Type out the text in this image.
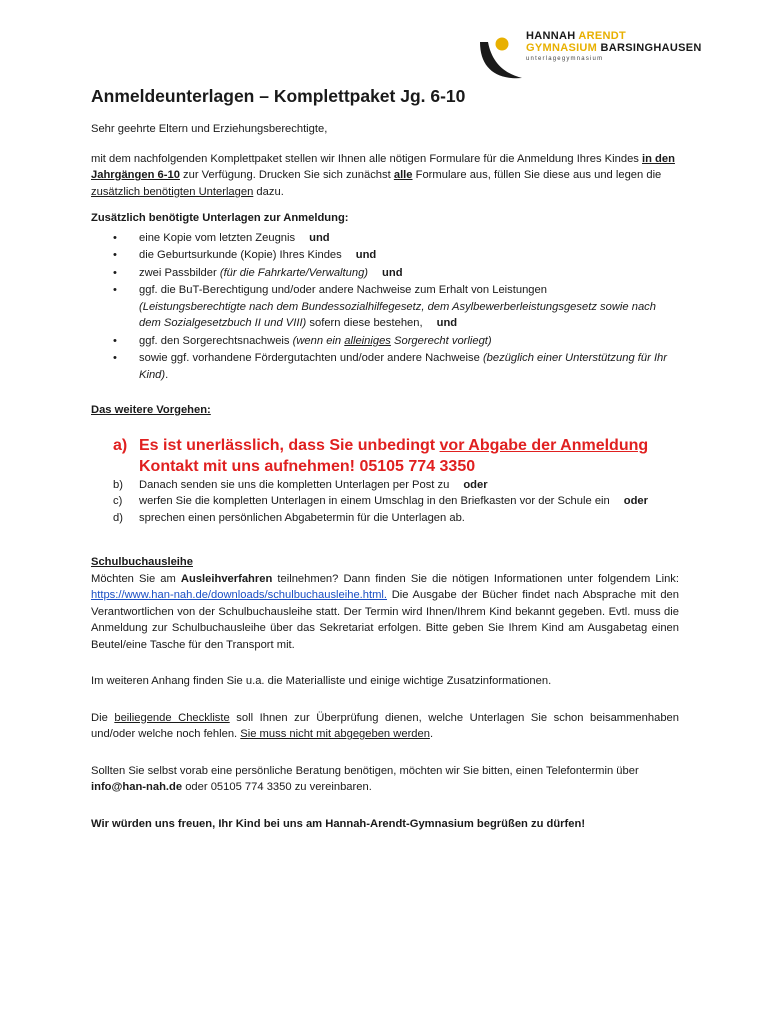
HANNAH ARENDT
GYMNASIUM BARSINGHAUSEN
unterlagegymnasium
Anmeldeunterlagen – Komplettpaket Jg. 6-10

Sehr geehrte Eltern und Erziehungsberechtigte,

mit dem nachfolgenden Komplettpaket stellen wir Ihnen alle nötigen Formulare für die Anmeldung Ihres Kindes in den Jahrgängen 6-10 zur Verfügung. Drucken Sie sich zunächst alle Formulare aus, füllen Sie diese aus und legen die zusätzlich benötigten Unterlagen dazu.

Zusätzlich benötigte Unterlagen zur Anmeldung:

• eine Kopie vom letzten Zeugnis und
• die Geburtsurkunde (Kopie) Ihres Kindes und
• zwei Passbilder (für die Fahrkarte/Verwaltung) und
• ggf. die BuT-Berechtigung und/oder andere Nachweise zum Erhalt von Leistungen
(Leistungsberechtigte nach dem Bundessozialhilfegesetz, dem Asylbewerberleistungsgesetz sowie nach dem Sozialgesetzbuch II und VIII) sofern diese bestehen, und
• ggf. den Sorgerechtsnachweis (wenn ein alleiniges Sorgerecht vorliegt)
• sowie ggf. vorhandene Fördergutachten und/oder andere Nachweise (bezüglich einer Unterstützung für Ihr Kind).

Das weitere Vorgehen:

a) Es ist unerlässlich, dass Sie unbedingt vor Abgabe der Anmeldung Kontakt mit uns aufnehmen! 05105 774 3350
b) Danach senden sie uns die kompletten Unterlagen per Post zu oder
c) werfen Sie die kompletten Unterlagen in einem Umschlag in den Briefkasten vor der Schule ein oder
d) sprechen einen persönlichen Abgabetermin für die Unterlagen ab.

Schulbuchausleihe

Möchten Sie am Ausleihverfahren teilnehmen? Dann finden Sie die nötigen Informationen unter folgendem Link: https://www.han-nah.de/downloads/schulbuchausleihe.html. Die Ausgabe der Bücher findet nach Absprache mit den Verantwortlichen von der Schulbuchausleihe statt. Der Termin wird Ihnen/Ihrem Kind bekannt gegeben. Evtl. muss die Anmeldung zur Schulbuchausleihe über das Sekretariat erfolgen. Bitte geben Sie Ihrem Kind am Ausgabetag einen Beutel/eine Tasche für den Transport mit.

Im weiteren Anhang finden Sie u.a. die Materialliste und einige wichtige Zusatzinformationen.

Die beiliegende Checkliste soll Ihnen zur Überprüfung dienen, welche Unterlagen Sie schon beisammenhaben und/oder welche noch fehlen. Sie muss nicht mit abgegeben werden.

Sollten Sie selbst vorab eine persönliche Beratung benötigen, möchten wir Sie bitten, einen Telefontermin über info@han-nah.de oder 05105 774 3350 zu vereinbaren.

Wir würden uns freuen, Ihr Kind bei uns am Hannah-Arendt-Gymnasium begrüßen zu dürfen!
